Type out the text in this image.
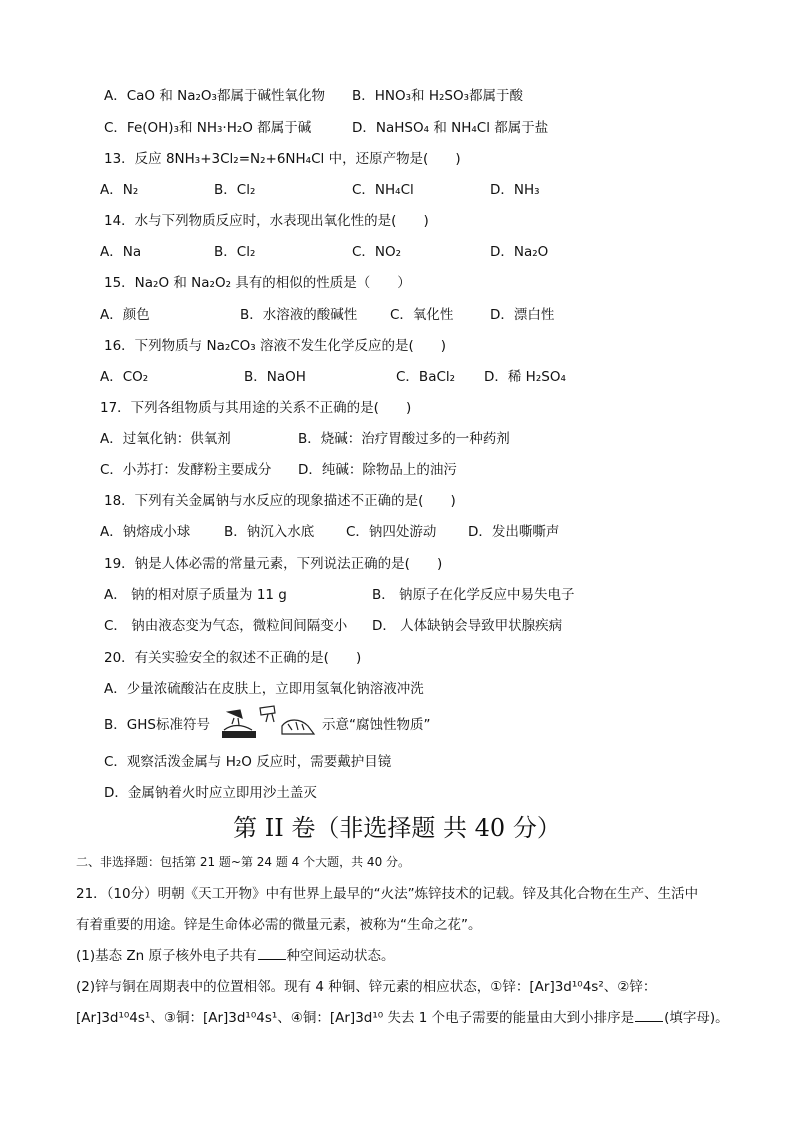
A．CaO 和 Na₂O₃都属于碱性氧化物 B．HNO₃和 H₂SO₃都属于酸
C．Fe(OH)₃和 NH₃·H₂O 都属于碱	D．NaHSO₄ 和 NH₄Cl 都属于盐
13．反应 8NH₃+3Cl₂=N₂+6NH₄Cl 中，还原产物是(　　)
A．N₂	B．Cl₂	C．NH₄Cl	D．NH₃
14．水与下列物质反应时，水表现出氧化性的是(　　)
A．Na	B．Cl₂	C．NO₂	D．Na₂O
15．Na₂O 和 Na₂O₂ 具有的相似的性质是（　　）
A．颜色	B．水溶液的酸碱性 C．氧化性	D．漂白性
16．下列物质与 Na₂CO₃ 溶液不发生化学反应的是(　　)
A．CO₂	B．NaOH	C．BaCl₂ D．稀 H₂SO₄
17．下列各组物质与其用途的关系不正确的是(　　)
A．过氧化钠：供氧剂	B．烧碱：治疗胃酸过多的一种药剂
C．小苏打：发酵粉主要成分 D．纯碱：除物品上的油污
18．下列有关金属钠与水反应的现象描述不正确的是(　　)
A．钠熔成小球	B．钠沉入水底 C．钠四处游动 D．发出嘶嘶声
19．钠是人体必需的常量元素，下列说法正确的是(　　)
A． 钠的相对原子质量为 11 g	B． 钠原子在化学反应中易失电子
C． 钠由液态变为气态，微粒间间隔变小 D． 人体缺钠会导致甲状腺疾病
20．有关实验安全的叙述不正确的是(　　)
A．少量浓硫酸沾在皮肤上，立即用氢氧化钠溶液冲洗
B．GHS标准符号	示意“腐蚀性物质”
C．观察活泼金属与 H₂O 反应时，需要戴护目镜
D．金属钠着火时应立即用沙土盖灭
第 II 卷（非选择题 共 40 分）
二、非选择题：包括第 21 题~第 24 题 4 个大题，共 40 分。
21．（10分）明朝《天工开物》中有世界上最早的“火法”炼锌技术的记载。锌及其化合物在生产、生活中
有着重要的用途。锌是生命体必需的微量元素，被称为“生命之花”。
(1)基态 Zn 原子核外电子共有 种空间运动状态。
(2)锌与铜在周期表中的位置相邻。现有 4 种铜、锌元素的相应状态，①锌：[Ar]3d¹⁰4s²、②锌：
[Ar]3d¹⁰4s¹、③铜：[Ar]3d¹⁰4s¹、④铜：[Ar]3d¹⁰ 失去 1 个电子需要的能量由大到小排序是 (填字母)。
